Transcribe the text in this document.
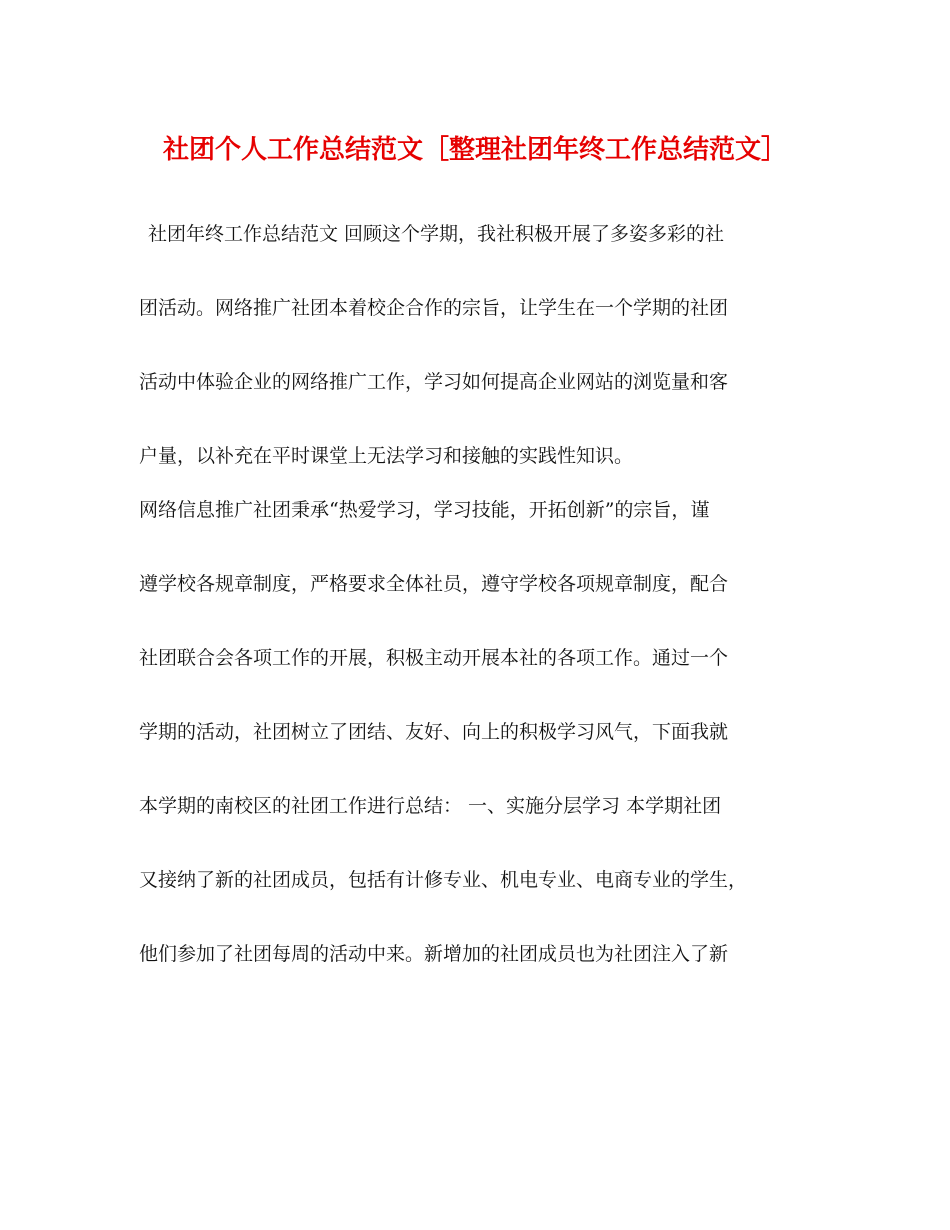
社团个人工作总结范文［整理社团年终工作总结范文］
社团年终工作总结范文 回顾这个学期，我社积极开展了多姿多彩的社
团活动。网络推广社团本着校企合作的宗旨，让学生在一个学期的社团
活动中体验企业的网络推广工作，学习如何提高企业网站的浏览量和客
户量，以补充在平时课堂上无法学习和接触的实践性知识。
网络信息推广社团秉承“热爱学习，学习技能，开拓创新”的宗旨，谨
遵学校各规章制度，严格要求全体社员，遵守学校各项规章制度，配合
社团联合会各项工作的开展，积极主动开展本社的各项工作。通过一个
学期的活动，社团树立了团结、友好、向上的积极学习风气，下面我就
本学期的南校区的社团工作进行总结： 一、实施分层学习 本学期社团
又接纳了新的社团成员，包括有计修专业、机电专业、电商专业的学生，
他们参加了社团每周的活动中来。新增加的社团成员也为社团注入了新
